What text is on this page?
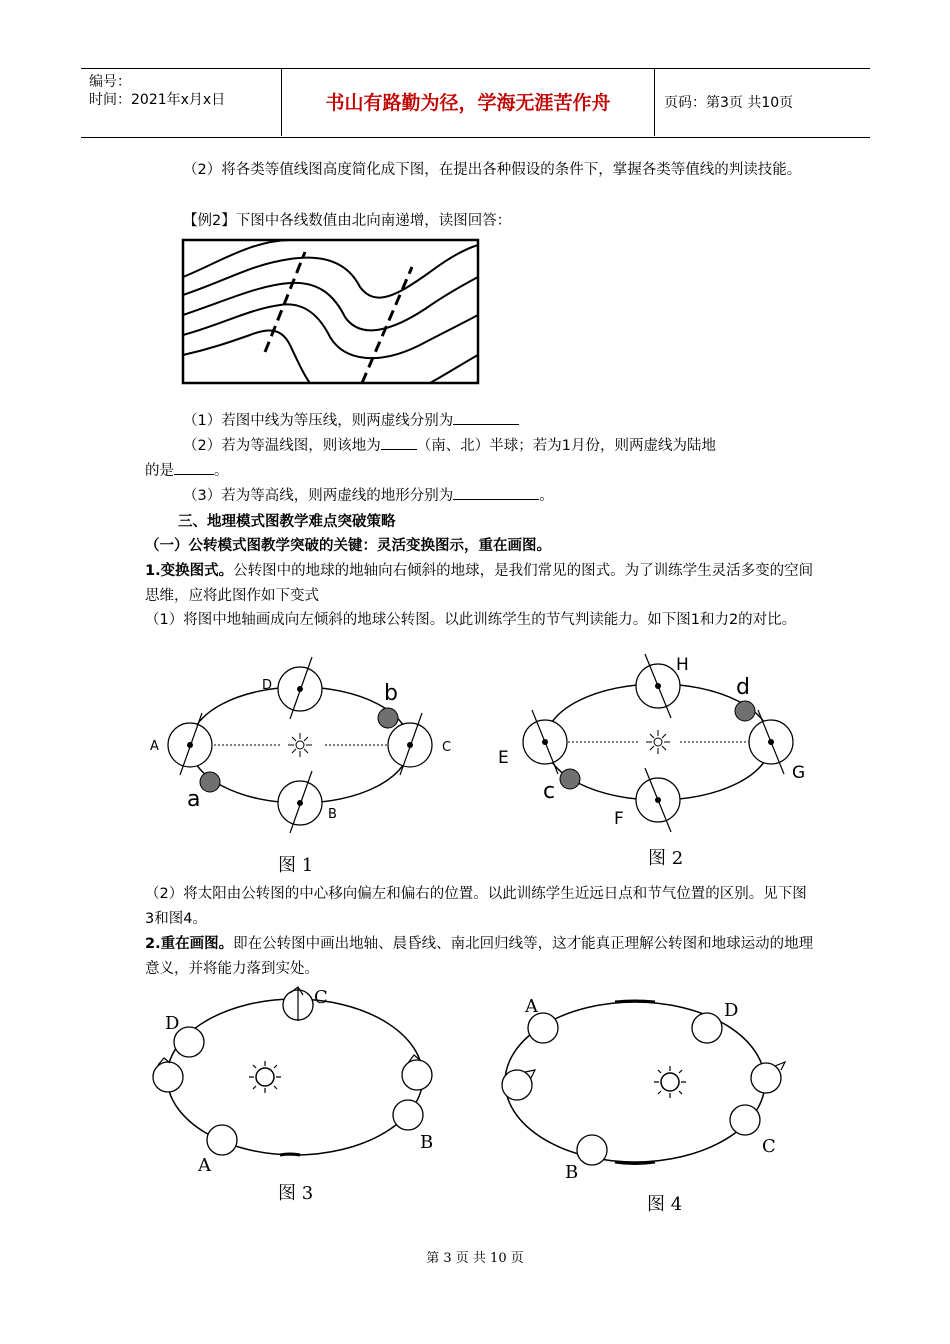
编号：
时间：2021年x月x日	书山有路勤为径，学海无涯苦作舟	页码：第3页 共10页
（2）将各类等值线图高度简化成下图，在提出各种假设的条件下，掌握各类等值线的判读技能。
【例2】下图中各线数值由北向南递增，读图回答：
（1）若图中线为等压线，则两虚线分别为
（2）若为等温线图，则该地为 （南、北）半球；若为1月份，则两虚线为陆地
的是	。
（3）若为等高线，则两虚线的地形分别为	。
三、地理模式图教学难点突破策略
（一）公转模式图教学突破的关键：灵活变换图示，重在画图。
1.变换图式。公转图中的地球的地轴向右倾斜的地球，是我们常见的图式。为了训练学生灵活多变的空间思维，应将此图作如下变式
（1）将图中地轴画成向左倾斜的地球公转图。以此训练学生的节气判读能力。如下图1和力2的对比。
A
B
C
D
a
b
图 1
E
F
G
H
c
d
图 2
（2）将太阳由公转图的中心移向偏左和偏右的位置。以此训练学生近远日点和节气位置的区别。见下图3和图4。
2.重在画图。即在公转图中画出地轴、晨昏线、南北回归线等，这才能真正理解公转图和地球运动的地理意义，并将能力落到实处。
A
B
C
D
图 3
A
B
C
D
图 4
第 3 页 共 10 页
